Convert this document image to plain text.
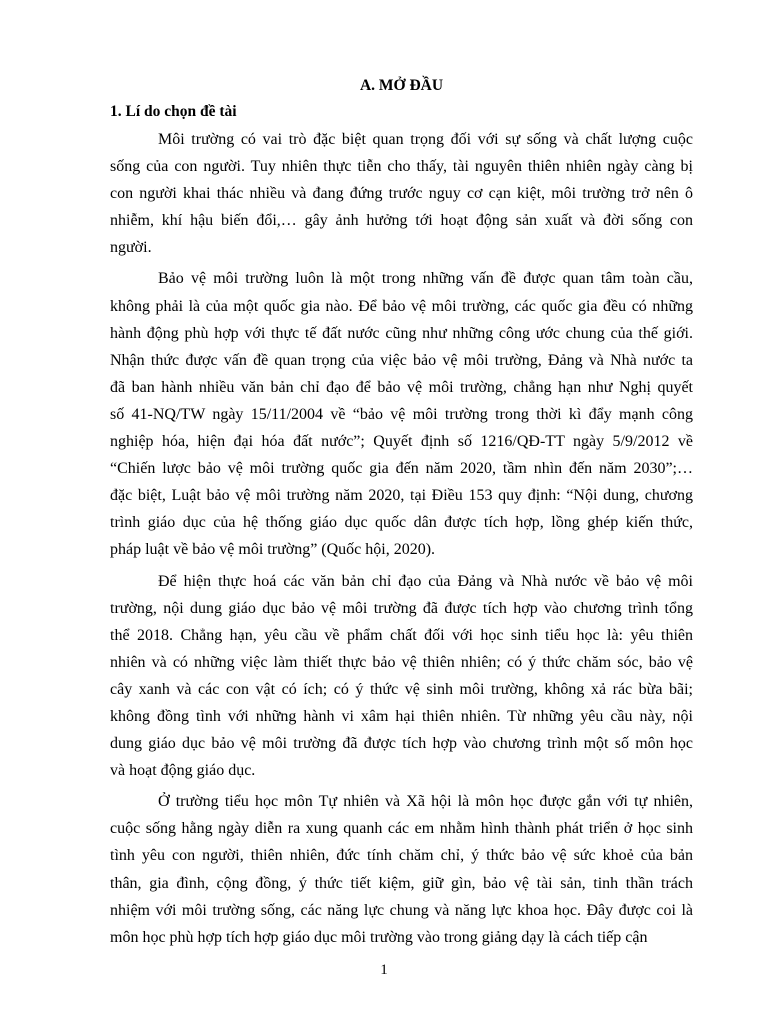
A. MỞ ĐẦU
1. Lí do chọn đề tài
Môi trường có vai trò đặc biệt quan trọng đối với sự sống và chất lượng cuộc
sống của con người. Tuy nhiên thực tiễn cho thấy, tài nguyên thiên nhiên ngày càng bị
con người khai thác nhiều và đang đứng trước nguy cơ cạn kiệt, môi trường trở nên ô
nhiễm, khí hậu biến đổi,… gây ảnh hưởng tới hoạt động sản xuất và đời sống con
người.
Bảo vệ môi trường luôn là một trong những vấn đề được quan tâm toàn cầu,
không phải là của một quốc gia nào. Để bảo vệ môi trường, các quốc gia đều có những
hành động phù hợp với thực tế đất nước cũng như những công ước chung của thế giới.
Nhận thức được vấn đề quan trọng của việc bảo vệ môi trường, Đảng và Nhà nước ta
đã ban hành nhiều văn bản chỉ đạo để bảo vệ môi trường, chẳng hạn như Nghị quyết
số 41-NQ/TW ngày 15/11/2004 về “bảo vệ môi trường trong thời kì đẩy mạnh công
nghiệp hóa, hiện đại hóa đất nước”; Quyết định số 1216/QĐ-TT ngày 5/9/2012 về
“Chiến lược bảo vệ môi trường quốc gia đến năm 2020, tầm nhìn đến năm 2030”;…
đặc biệt, Luật bảo vệ môi trường năm 2020, tại Điều 153 quy định: “Nội dung, chương
trình giáo dục của hệ thống giáo dục quốc dân được tích hợp, lồng ghép kiến thức,
pháp luật về bảo vệ môi trường” (Quốc hội, 2020).
Để hiện thực hoá các văn bản chỉ đạo của Đảng và Nhà nước về bảo vệ môi
trường, nội dung giáo dục bảo vệ môi trường đã được tích hợp vào chương trình tổng
thể 2018. Chẳng hạn, yêu cầu về phẩm chất đối với học sinh tiểu học là: yêu thiên
nhiên và có những việc làm thiết thực bảo vệ thiên nhiên; có ý thức chăm sóc, bảo vệ
cây xanh và các con vật có ích; có ý thức vệ sinh môi trường, không xả rác bừa bãi;
không đồng tình với những hành vi xâm hại thiên nhiên. Từ những yêu cầu này, nội
dung giáo dục bảo vệ môi trường đã được tích hợp vào chương trình một số môn học
và hoạt động giáo dục.
Ở trường tiểu học môn Tự nhiên và Xã hội là môn học được gắn với tự nhiên,
cuộc sống hằng ngày diễn ra xung quanh các em nhằm hình thành phát triển ở học sinh
tình yêu con người, thiên nhiên, đức tính chăm chỉ, ý thức bảo vệ sức khoẻ của bản
thân, gia đình, cộng đồng, ý thức tiết kiệm, giữ gìn, bảo vệ tài sản, tinh thần trách
nhiệm với môi trường sống, các năng lực chung và năng lực khoa học. Đây được coi là
môn học phù hợp tích hợp giáo dục môi trường vào trong giảng dạy là cách tiếp cận
1
